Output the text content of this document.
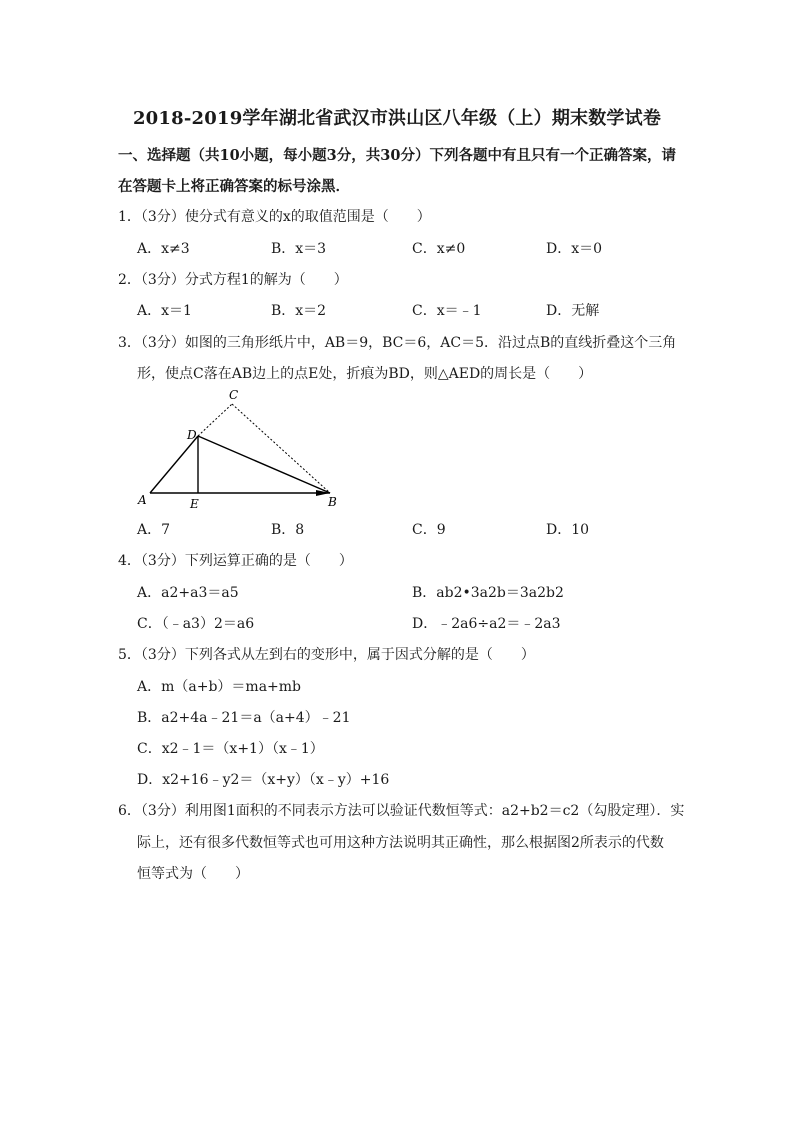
2018-2019学年湖北省武汉市洪山区八年级（上）期末数学试卷
一、选择题（共10小题，每小题3分，共30分）下列各题中有且只有一个正确答案，请
在答题卡上将正确答案的标号涂黑．
1．（3分）使分式有意义的x的取值范围是（　　）
A．x≠3	B．x＝3	C．x≠0	D．x＝0
2．（3分）分式方程1的解为（　　）
A．x＝1	B．x＝2	C．x＝﹣1	D．无解
3．（3分）如图的三角形纸片中，AB＝9，BC＝6，AC＝5．沿过点B的直线折叠这个三角
形，使点C落在AB边上的点E处，折痕为BD，则△AED的周长是（　　）
C
D
A	E	B
A．7	B．8	C．9	D．10
4．（3分）下列运算正确的是（　　）
A．a2+a3＝a5	B．ab2•3a2b＝3a2b2
C．（﹣a3）2＝a6	D．﹣2a6÷a2＝﹣2a3
5．（3分）下列各式从左到右的变形中，属于因式分解的是（　　）
A．m（a+b）＝ma+mb
B．a2+4a﹣21＝a（a+4）﹣21
C．x2﹣1＝（x+1）（x﹣1）
D．x2+16﹣y2＝（x+y）（x﹣y）+16
6．（3分）利用图1面积的不同表示方法可以验证代数恒等式：a2+b2＝c2（勾股定理）．实
际上，还有很多代数恒等式也可用这种方法说明其正确性，那么根据图2所表示的代数
恒等式为（　　）
